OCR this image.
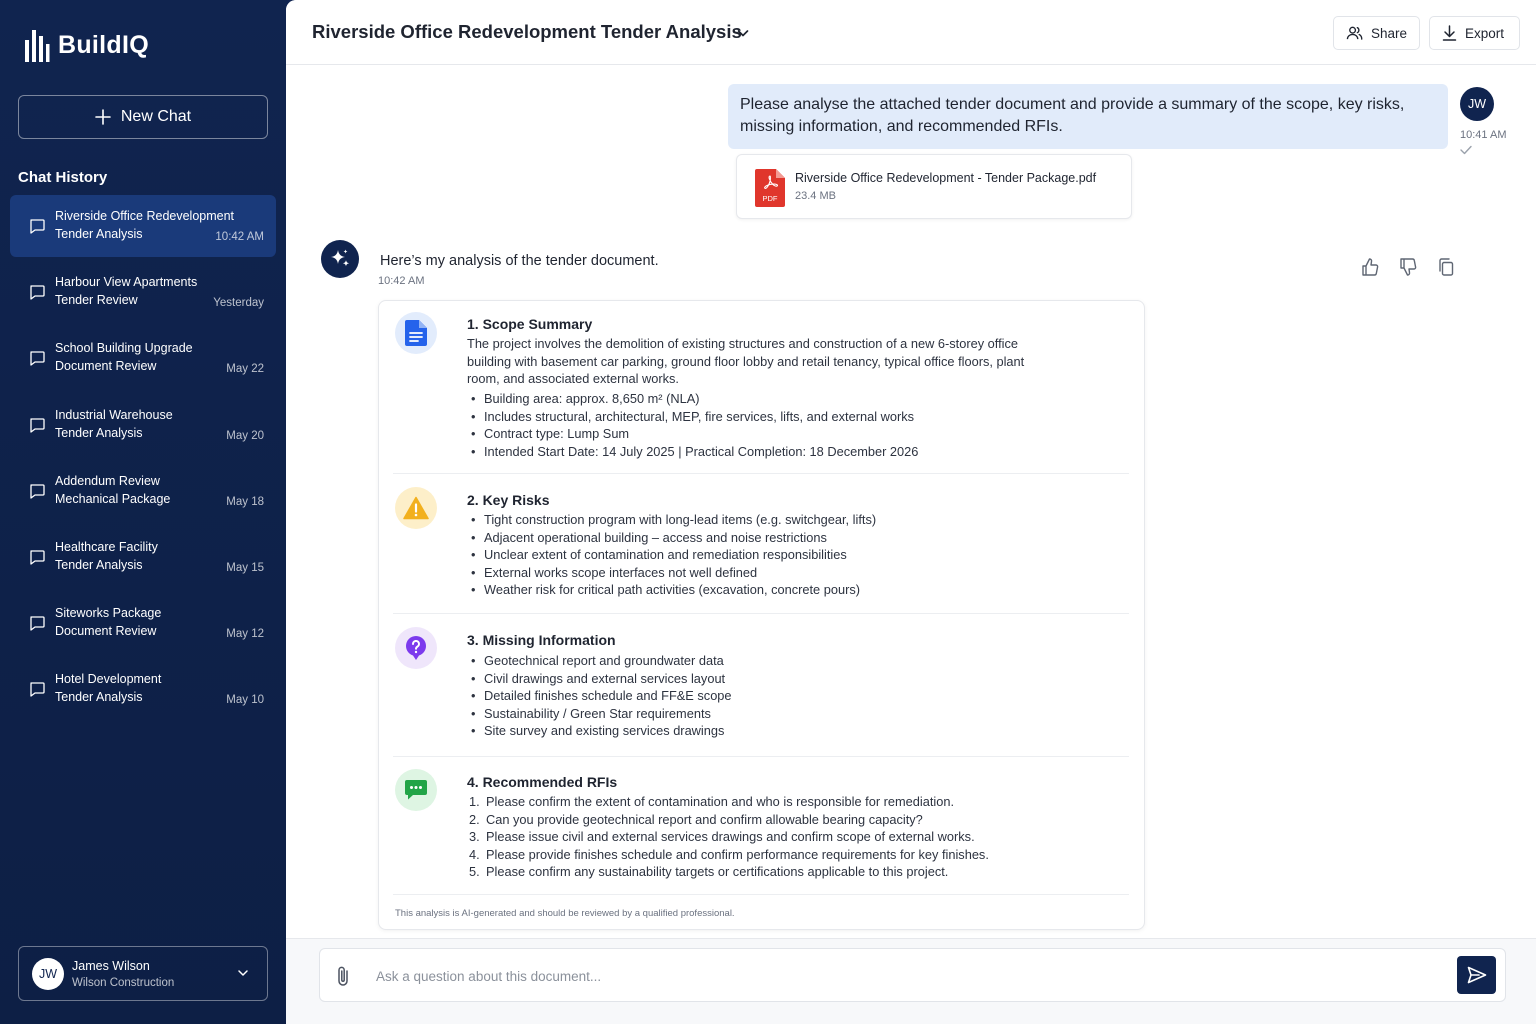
BuildIQ
New Chat
Chat History
Riverside Office Redevelopment
Tender Analysis	10:42 AM
Harbour View Apartments
Tender Review	Yesterday
School Building Upgrade
Document Review	May 22
Industrial Warehouse
Tender Analysis	May 20
Addendum Review
Mechanical Package	May 18
Healthcare Facility
Tender Analysis	May 15
Siteworks Package
Document Review	May 12
Hotel Development
Tender Analysis	May 10
JW
James Wilson
Wilson Construction
Riverside Office Redevelopment Tender Analysis	Share	Export
Please analyse the attached tender document and provide a summary of the scope, key risks, missing information, and recommended RFIs.
PDF
Riverside Office Redevelopment - Tender Package.pdf
23.4 MB
JW
10:41 AM
Here’s my analysis of the tender document.
10:42 AM
1. Scope Summary
The project involves the demolition of existing structures and construction of a new 6-storey office building with basement car parking, ground floor lobby and retail tenancy, typical office floors, plant room, and associated external works.
• Building area: approx. 8,650 m² (NLA)
• Includes structural, architectural, MEP, fire services, lifts, and external works
• Contract type: Lump Sum
• Intended Start Date: 14 July 2025 | Practical Completion: 18 December 2026
2. Key Risks
• Tight construction program with long-lead items (e.g. switchgear, lifts)
• Adjacent operational building – access and noise restrictions
• Unclear extent of contamination and remediation responsibilities
• External works scope interfaces not well defined
• Weather risk for critical path activities (excavation, concrete pours)
3. Missing Information
• Geotechnical report and groundwater data
• Civil drawings and external services layout
• Detailed finishes schedule and FF&E scope
• Sustainability / Green Star requirements
• Site survey and existing services drawings
4. Recommended RFIs
1. Please confirm the extent of contamination and who is responsible for remediation.
2. Can you provide geotechnical report and confirm allowable bearing capacity?
3. Please issue civil and external services drawings and confirm scope of external works.
4. Please provide finishes schedule and confirm performance requirements for key finishes.
5. Please confirm any sustainability targets or certifications applicable to this project.
This analysis is AI-generated and should be reviewed by a qualified professional.
Ask a question about this document...
